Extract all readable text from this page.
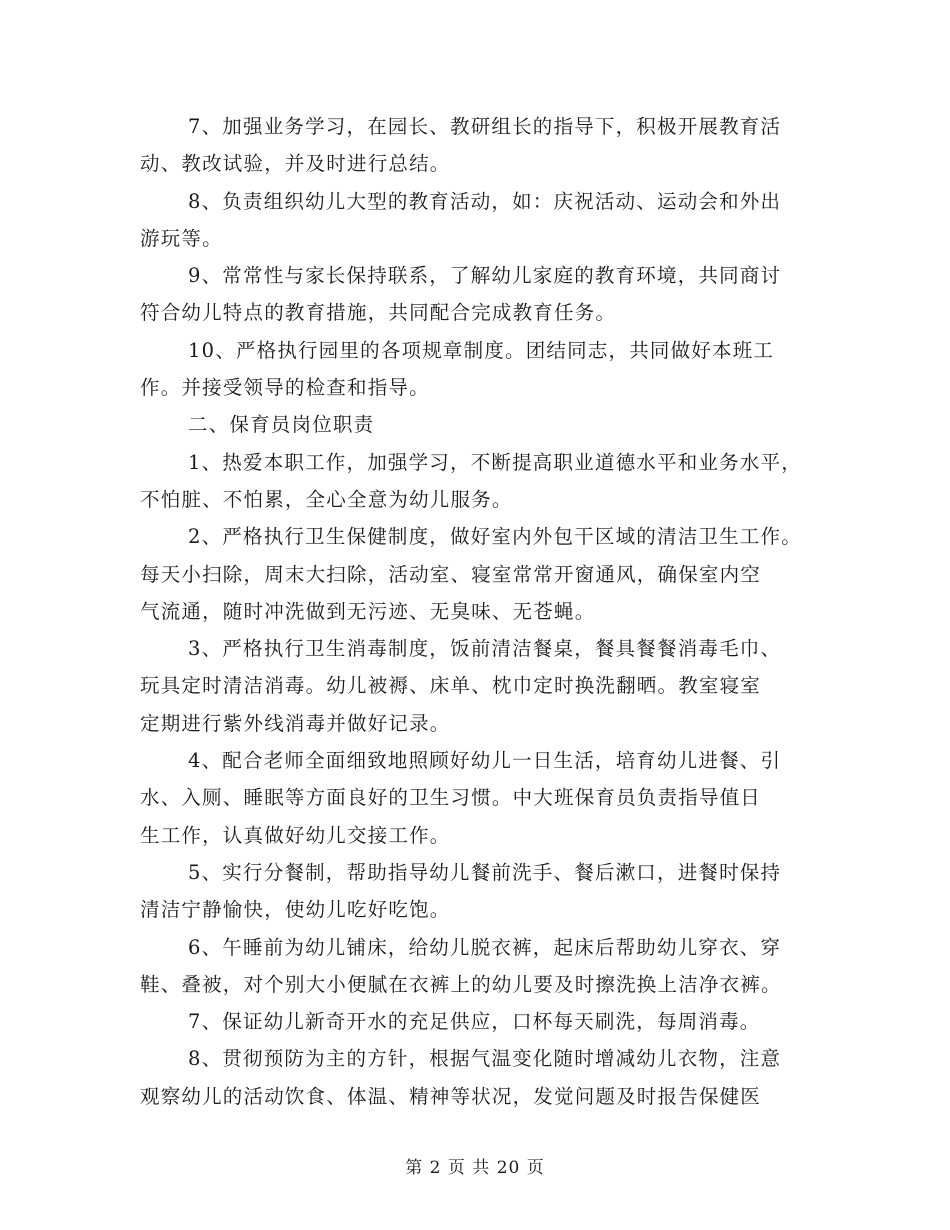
7、加强业务学习，在园长、教研组长的指导下，积极开展教育活
动、教改试验，并及时进行总结。
8、负责组织幼儿大型的教育活动，如：庆祝活动、运动会和外出
游玩等。
9、常常性与家长保持联系，了解幼儿家庭的教育环境，共同商讨
符合幼儿特点的教育措施，共同配合完成教育任务。
10、严格执行园里的各项规章制度。团结同志，共同做好本班工
作。并接受领导的检查和指导。
二、保育员岗位职责
1、热爱本职工作，加强学习，不断提高职业道德水平和业务水平，
不怕脏、不怕累，全心全意为幼儿服务。
2、严格执行卫生保健制度，做好室内外包干区域的清洁卫生工作。
每天小扫除，周末大扫除，活动室、寝室常常开窗通风，确保室内空
气流通，随时冲洗做到无污迹、无臭味、无苍蝇。
3、严格执行卫生消毒制度，饭前清洁餐桌，餐具餐餐消毒毛巾、
玩具定时清洁消毒。幼儿被褥、床单、枕巾定时换洗翻晒。教室寝室
定期进行紫外线消毒并做好记录。
4、配合老师全面细致地照顾好幼儿一日生活，培育幼儿进餐、引
水、入厕、睡眠等方面良好的卫生习惯。中大班保育员负责指导值日
生工作，认真做好幼儿交接工作。
5、实行分餐制，帮助指导幼儿餐前洗手、餐后漱口，进餐时保持
清洁宁静愉快，使幼儿吃好吃饱。
6、午睡前为幼儿铺床，给幼儿脱衣裤，起床后帮助幼儿穿衣、穿
鞋、叠被，对个别大小便腻在衣裤上的幼儿要及时擦洗换上洁净衣裤。
7、保证幼儿新奇开水的充足供应，口杯每天刷洗，每周消毒。
8、贯彻预防为主的方针，根据气温变化随时增减幼儿衣物，注意
观察幼儿的活动饮食、体温、精神等状况，发觉问题及时报告保健医
第 2 页 共 20 页
